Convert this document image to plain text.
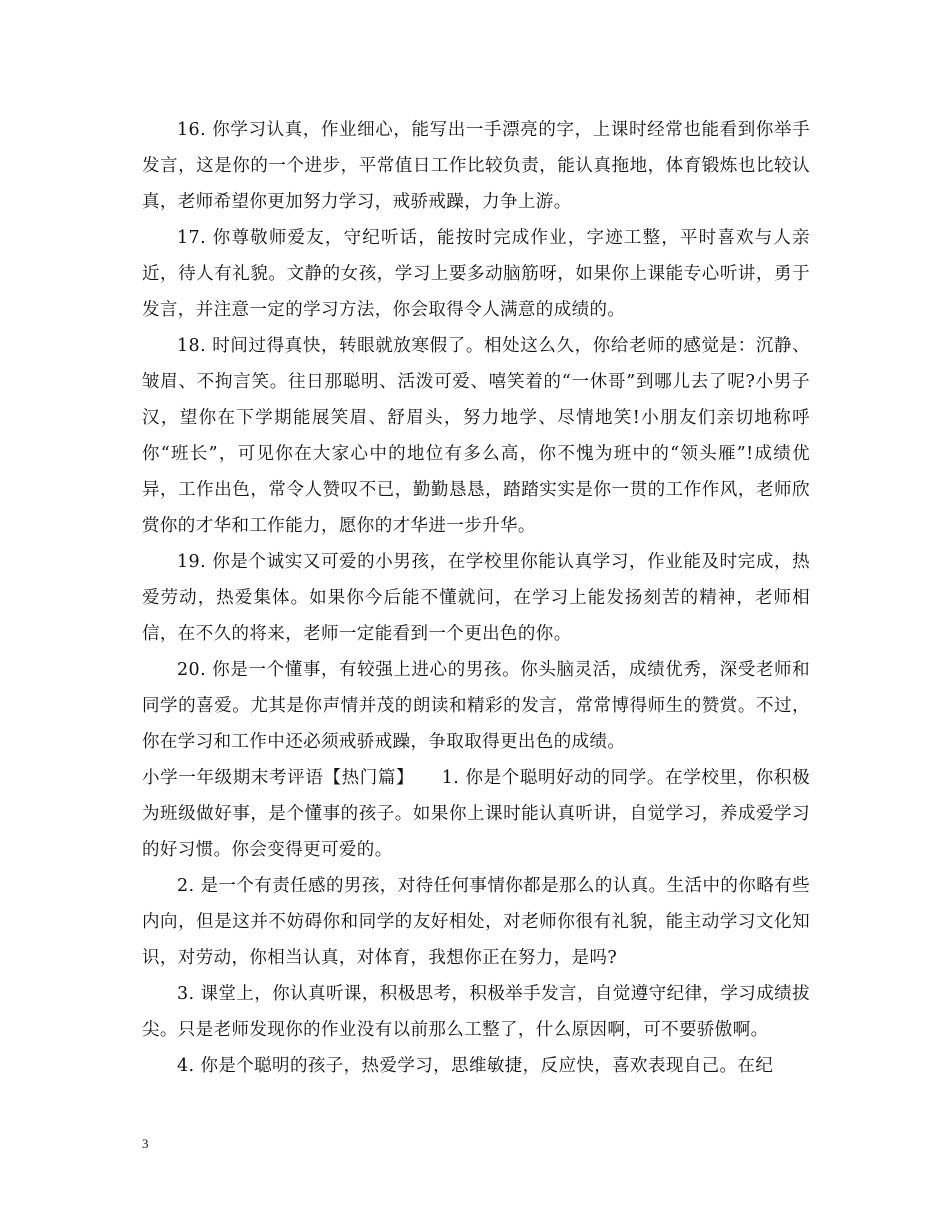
16. 你学习认真，作业细心，能写出一手漂亮的字，上课时经常也能看到你举手发言，这是你的一个进步，平常值日工作比较负责，能认真拖地，体育锻炼也比较认真，老师希望你更加努力学习，戒骄戒躁，力争上游。

17. 你尊敬师爱友，守纪听话，能按时完成作业，字迹工整，平时喜欢与人亲近，待人有礼貌。文静的女孩，学习上要多动脑筋呀，如果你上课能专心听讲，勇于发言，并注意一定的学习方法，你会取得令人满意的成绩的。

18. 时间过得真快，转眼就放寒假了。相处这么久，你给老师的感觉是：沉静、皱眉、不拘言笑。往日那聪明、活泼可爱、嘻笑着的“一休哥”到哪儿去了呢?小男子汉，望你在下学期能展笑眉、舒眉头，努力地学、尽情地笑!小朋友们亲切地称呼你“班长”，可见你在大家心中的地位有多么高，你不愧为班中的“领头雁”!成绩优异，工作出色，常令人赞叹不已，勤勤恳恳，踏踏实实是你一贯的工作作风，老师欣赏你的才华和工作能力，愿你的才华进一步升华。

19. 你是个诚实又可爱的小男孩，在学校里你能认真学习，作业能及时完成，热爱劳动，热爱集体。如果你今后能不懂就问，在学习上能发扬刻苦的精神，老师相信，在不久的将来，老师一定能看到一个更出色的你。

20. 你是一个懂事，有较强上进心的男孩。你头脑灵活，成绩优秀，深受老师和同学的喜爱。尤其是你声情并茂的朗读和精彩的发言，常常博得师生的赞赏。不过，你在学习和工作中还必须戒骄戒躁，争取取得更出色的成绩。

小学一年级期末考评语【热门篇】　　1. 你是个聪明好动的同学。在学校里，你积极为班级做好事，是个懂事的孩子。如果你上课时能认真听讲，自觉学习，养成爱学习的好习惯。你会变得更可爱的。

2. 是一个有责任感的男孩，对待任何事情你都是那么的认真。生活中的你略有些内向，但是这并不妨碍你和同学的友好相处，对老师你很有礼貌，能主动学习文化知识，对劳动，你相当认真，对体育，我想你正在努力，是吗?

3. 课堂上，你认真听课，积极思考，积极举手发言，自觉遵守纪律，学习成绩拔尖。只是老师发现你的作业没有以前那么工整了，什么原因啊，可不要骄傲啊。

4. 你是个聪明的孩子，热爱学习，思维敏捷，反应快，喜欢表现自己。在纪

3
